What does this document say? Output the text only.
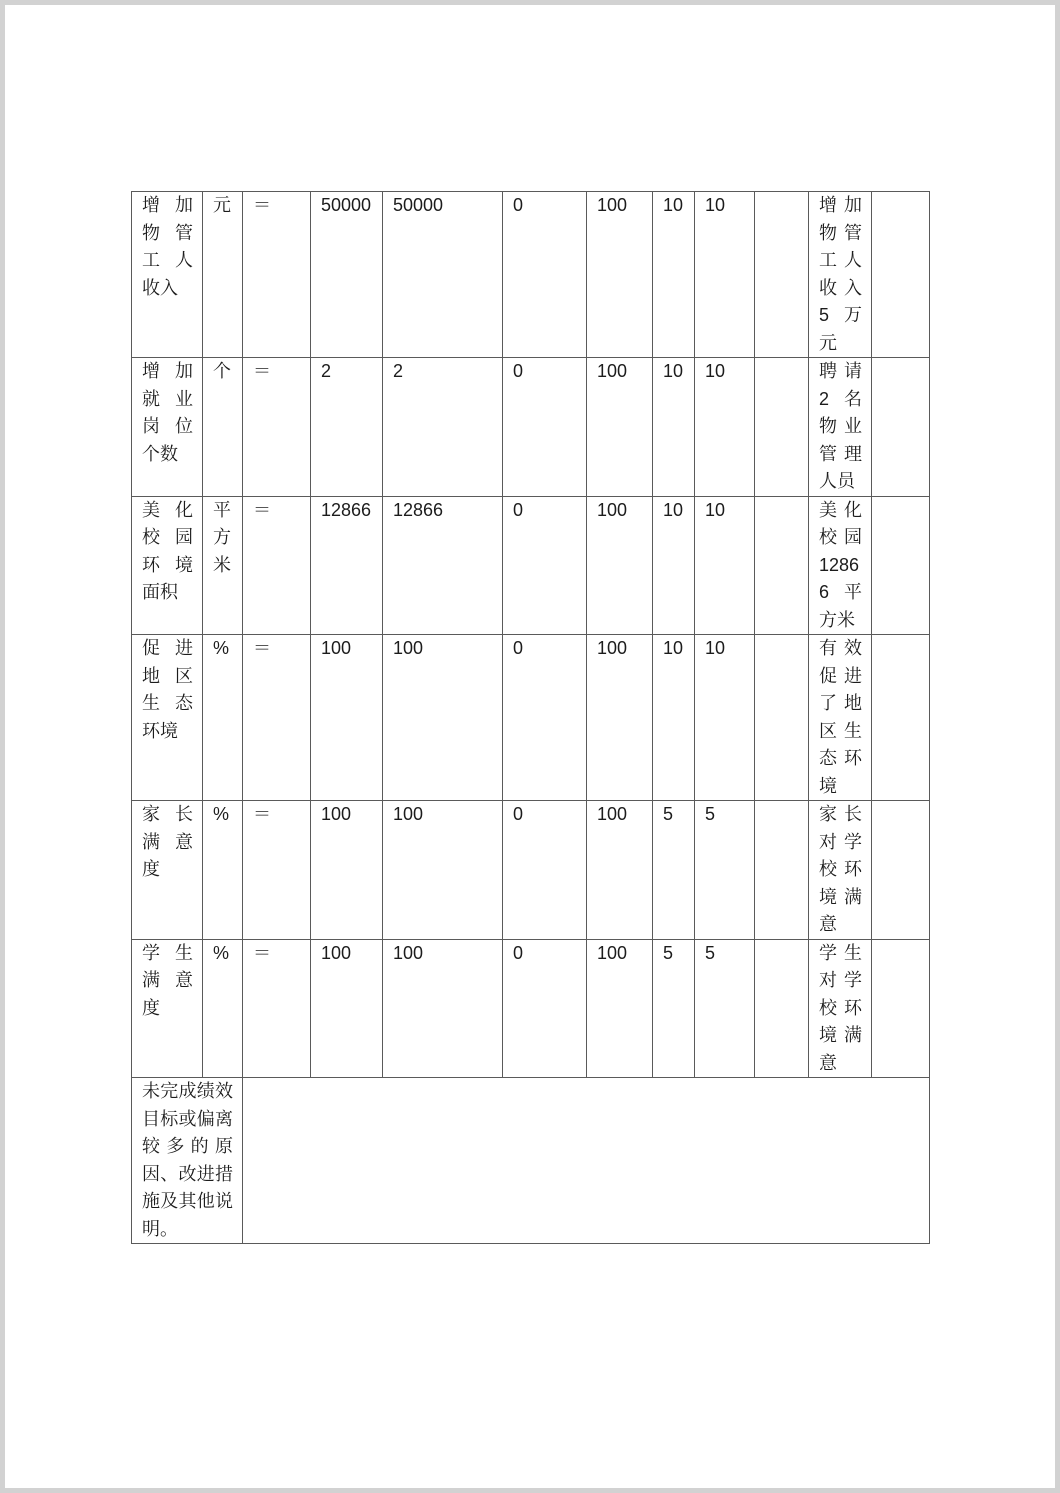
增加物管工人收入	元	＝	50000	50000	0	100	10	10		增加物管工人收入5万元	
增加就业岗位个数	个	＝	2	2	0	100	10	10		聘请2名物业管理人员	
美化校园环境面积	平方米	＝	12866	12866	0	100	10	10		美化校园12866平方米	
促进地区生态环境	%	＝	100	100	0	100	10	10		有效促进了地区生态环境	
家长满意度	%	＝	100	100	0	100	5	5		家长对学校环境满意	
学生满意度	%	＝	100	100	0	100	5	5		学生对学校环境满意	
未完成绩效目标或偏离较多的原因、改进措施及其他说明。											
